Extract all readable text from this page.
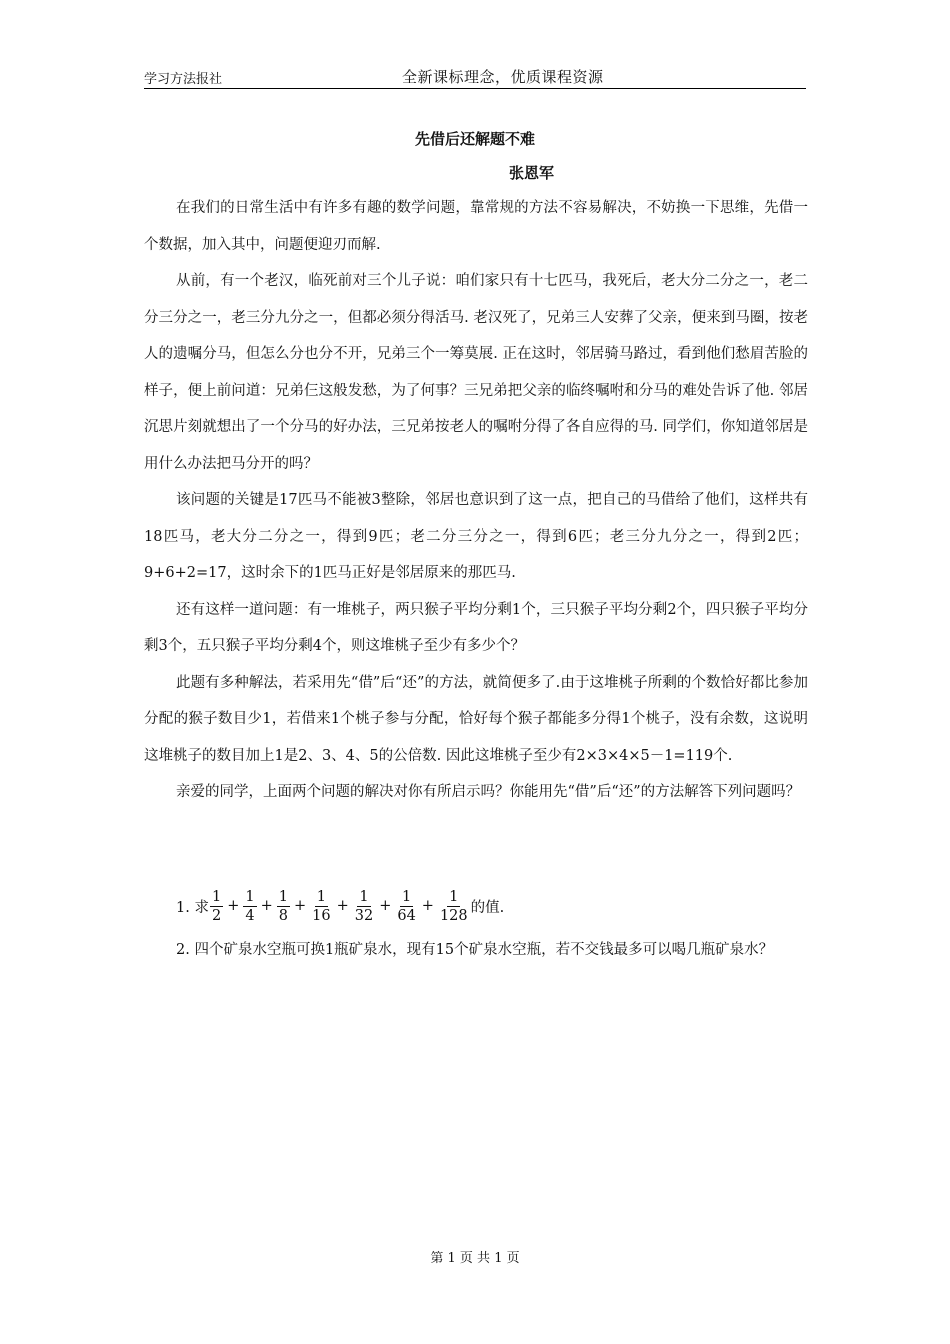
学习方法报社	全新课标理念，优质课程资源
先借后还解题不难
张恩军

在我们的日常生活中有许多有趣的数学问题，靠常规的方法不容易解决，不妨换一下思维，先借一个数据，加入其中，问题便迎刃而解.

从前，有一个老汉，临死前对三个儿子说：咱们家只有十七匹马，我死后，老大分二分之一，老二分三分之一，老三分九分之一，但都必须分得活马. 老汉死了，兄弟三人安葬了父亲，便来到马圈，按老人的遗嘱分马，但怎么分也分不开，兄弟三个一筹莫展. 正在这时，邻居骑马路过，看到他们愁眉苦脸的样子，便上前问道：兄弟仨这般发愁，为了何事？三兄弟把父亲的临终嘱咐和分马的难处告诉了他. 邻居沉思片刻就想出了一个分马的好办法，三兄弟按老人的嘱咐分得了各自应得的马. 同学们，你知道邻居是用什么办法把马分开的吗？

该问题的关键是17匹马不能被3整除，邻居也意识到了这一点，把自己的马借给了他们，这样共有18匹马，老大分二分之一，得到9匹；老二分三分之一，得到6匹；老三分九分之一，得到2匹；9+6+2=17，这时余下的1匹马正好是邻居原来的那匹马.

还有这样一道问题：有一堆桃子，两只猴子平均分剩1个，三只猴子平均分剩2个，四只猴子平均分剩3个，五只猴子平均分剩4个，则这堆桃子至少有多少个？

此题有多种解法，若采用先“借”后“还”的方法，就简便多了.由于这堆桃子所剩的个数恰好都比参加分配的猴子数目少1，若借来1个桃子参与分配，恰好每个猴子都能多分得1个桃子，没有余数，这说明这堆桃子的数目加上1是2、3、4、5的公倍数. 因此这堆桃子至少有2×3×4×5－1=119个.

亲爱的同学，上面两个问题的解决对你有所启示吗？你能用先“借”后“还”的方法解答下列问题吗？

1. 求 $\frac{1}{2} + \frac{1}{4} + \frac{1}{8} + \frac{1}{16} + \frac{1}{32} + \frac{1}{64} + \frac{1}{128}$ 的值.

2. 四个矿泉水空瓶可换1瓶矿泉水，现有15个矿泉水空瓶，若不交钱最多可以喝几瓶矿泉水？

第 1 页 共 1 页
